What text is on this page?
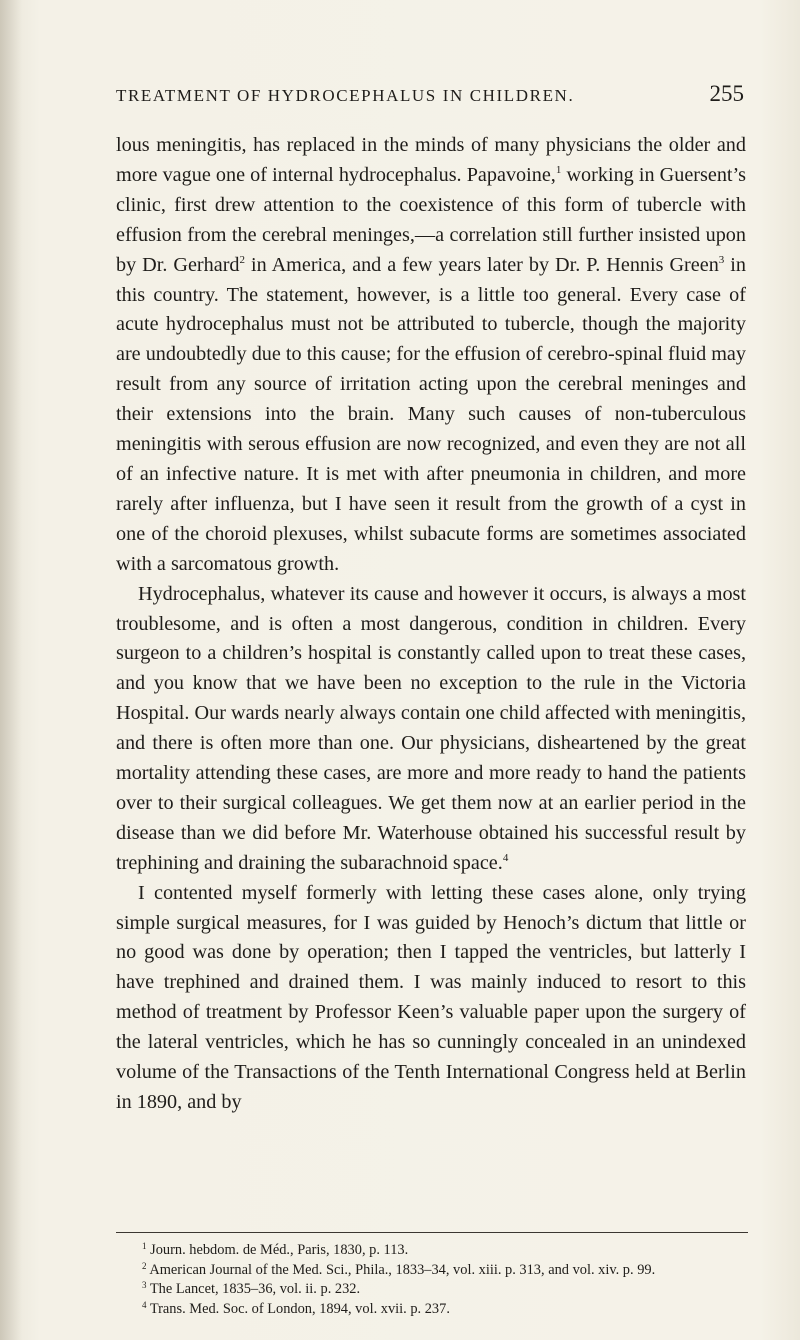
TREATMENT OF HYDROCEPHALUS IN CHILDREN.	255

lous meningitis, has replaced in the minds of many physicians the older and more vague one of internal hydrocephalus. Papavoine,$^1$ working in Guersent’s clinic, first drew attention to the coexistence of this form of tubercle with effusion from the cerebral meninges,—a correlation still further insisted upon by Dr. Gerhard$^2$ in America, and a few years later by Dr. P. Hennis Green$^3$ in this country. The statement, however, is a little too general. Every case of acute hydrocephalus must not be attributed to tubercle, though the majority are undoubtedly due to this cause; for the effusion of cerebro-spinal fluid may result from any source of irritation acting upon the cerebral meninges and their extensions into the brain. Many such causes of non-tuberculous meningitis with serous effusion are now recognized, and even they are not all of an infective nature. It is met with after pneumonia in children, and more rarely after influenza, but I have seen it result from the growth of a cyst in one of the choroid plexuses, whilst subacute forms are sometimes associated with a sarcomatous growth.

Hydrocephalus, whatever its cause and however it occurs, is always a most troublesome, and is often a most dangerous, condition in children. Every surgeon to a children’s hospital is constantly called upon to treat these cases, and you know that we have been no exception to the rule in the Victoria Hospital. Our wards nearly always contain one child affected with meningitis, and there is often more than one. Our physicians, disheartened by the great mortality attending these cases, are more and more ready to hand the patients over to their surgical colleagues. We get them now at an earlier period in the disease than we did before Mr. Waterhouse obtained his successful result by trephining and draining the subarachnoid space.$^4$

I contented myself formerly with letting these cases alone, only trying simple surgical measures, for I was guided by Henoch’s dictum that little or no good was done by operation; then I tapped the ventricles, but latterly I have trephined and drained them. I was mainly induced to resort to this method of treatment by Professor Keen’s valuable paper upon the surgery of the lateral ventricles, which he has so cunningly concealed in an unindexed volume of the Transactions of the Tenth International Congress held at Berlin in 1890, and by

$^1$ Journ. hebdom. de Méd., Paris, 1830, p. 113.

$^2$ American Journal of the Med. Sci., Phila., 1833–34, vol. xiii. p. 313, and vol. xiv. p. 99.

$^3$ The Lancet, 1835–36, vol. ii. p. 232.

$^4$ Trans. Med. Soc. of London, 1894, vol. xvii. p. 237.
